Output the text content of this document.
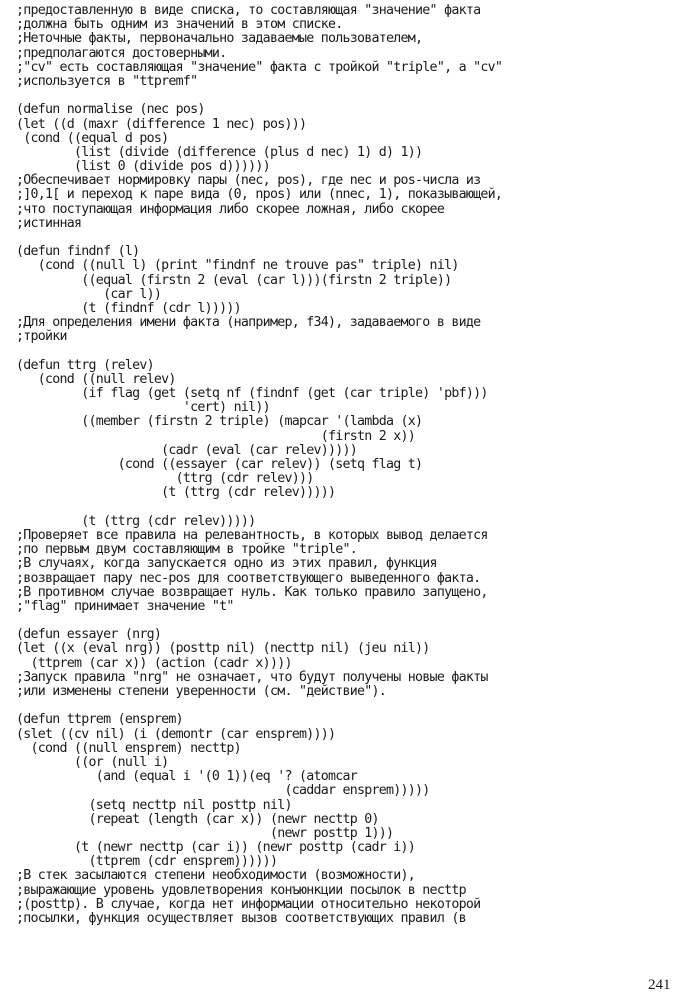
;предоставленную в виде списка, то составляющая "значение" факта
;должна быть одним из значений в этом списке.
;Неточные факты, первоначально задаваемые пользователем,
;предполагаются достоверными.
;"cv" есть составляющая "значение" факта с тройкой "triple", а "cv"
;используется в "ttpremf"
(defun normalise (nec pos)
(let ((d (maxr (difference 1 nec) pos)))
(cond ((equal d pos)
(list (divide (difference (plus d nec) 1) d) 1))
(list 0 (divide pos d))))))
;Обеспечивает нормировку пары (nec, pos), где nec и pos-числа из
;]0,1[ и переход к паре вида (0, npos) или (nnec, 1), показывающей,
;что поступающая информация либо скорее ложная, либо скорее
;истинная
(defun findnf (l)
(cond ((null l) (print "findnf ne trouve pas" triple) nil)
((equal (firstn 2 (eval (car l)))(firstn 2 triple))
(car l))
(t (findnf (cdr l)))))
;Для определения имени факта (например, f34), задаваемого в виде
;тройки
(defun ttrg (relev)
(cond ((null relev)
(if flag (get (setq nf (findnf (get (car triple) 'pbf)))
'cert) nil))
((member (firstn 2 triple) (mapcar '(lambda (x)
(firstn 2 x))
(cadr (eval (car relev)))))
(cond ((essayer (car relev)) (setq flag t)
(ttrg (cdr relev)))
(t (ttrg (cdr relev)))))
(t (ttrg (cdr relev)))))
;Проверяет все правила на релевантность, в которых вывод делается
;по первым двум составляющим в тройке "triple".
;В случаях, когда запускается одно из этих правил, функция
;возвращает пару nec-pos для соответствующего выведенного факта.
;В противном случае возвращает нуль. Как только правило запущено,
;"flag" принимает значение "t"
(defun essayer (nrg)
(let ((x (eval nrg)) (posttp nil) (necttp nil) (jeu nil))
(ttprem (car x)) (action (cadr x))))
;Запуск правила "nrg" не означает, что будут получены новые факты
;или изменены степени уверенности (см. "действие").
(defun ttprem (ensprem)
(slet ((cv nil) (i (demontr (car ensprem))))
(cond ((null ensprem) necttp)
((or (null i)
(and (equal i '(0 1))(eq '? (atomcar
(caddar ensprem)))))
(setq necttp nil posttp nil)
(repeat (length (car x)) (newr necttp 0)
(newr posttp 1)))
(t (newr necttp (car i)) (newr posttp (cadr i))
(ttprem (cdr ensprem))))))
;В стек засылаются степени необходимости (возможности),
;выражающие уровень удовлетворения конъюнкции посылок в necttp
;(posttp). В случае, когда нет информации относительно некоторой
;посылки, функция осуществляет вызов соответствующих правил (в
241
